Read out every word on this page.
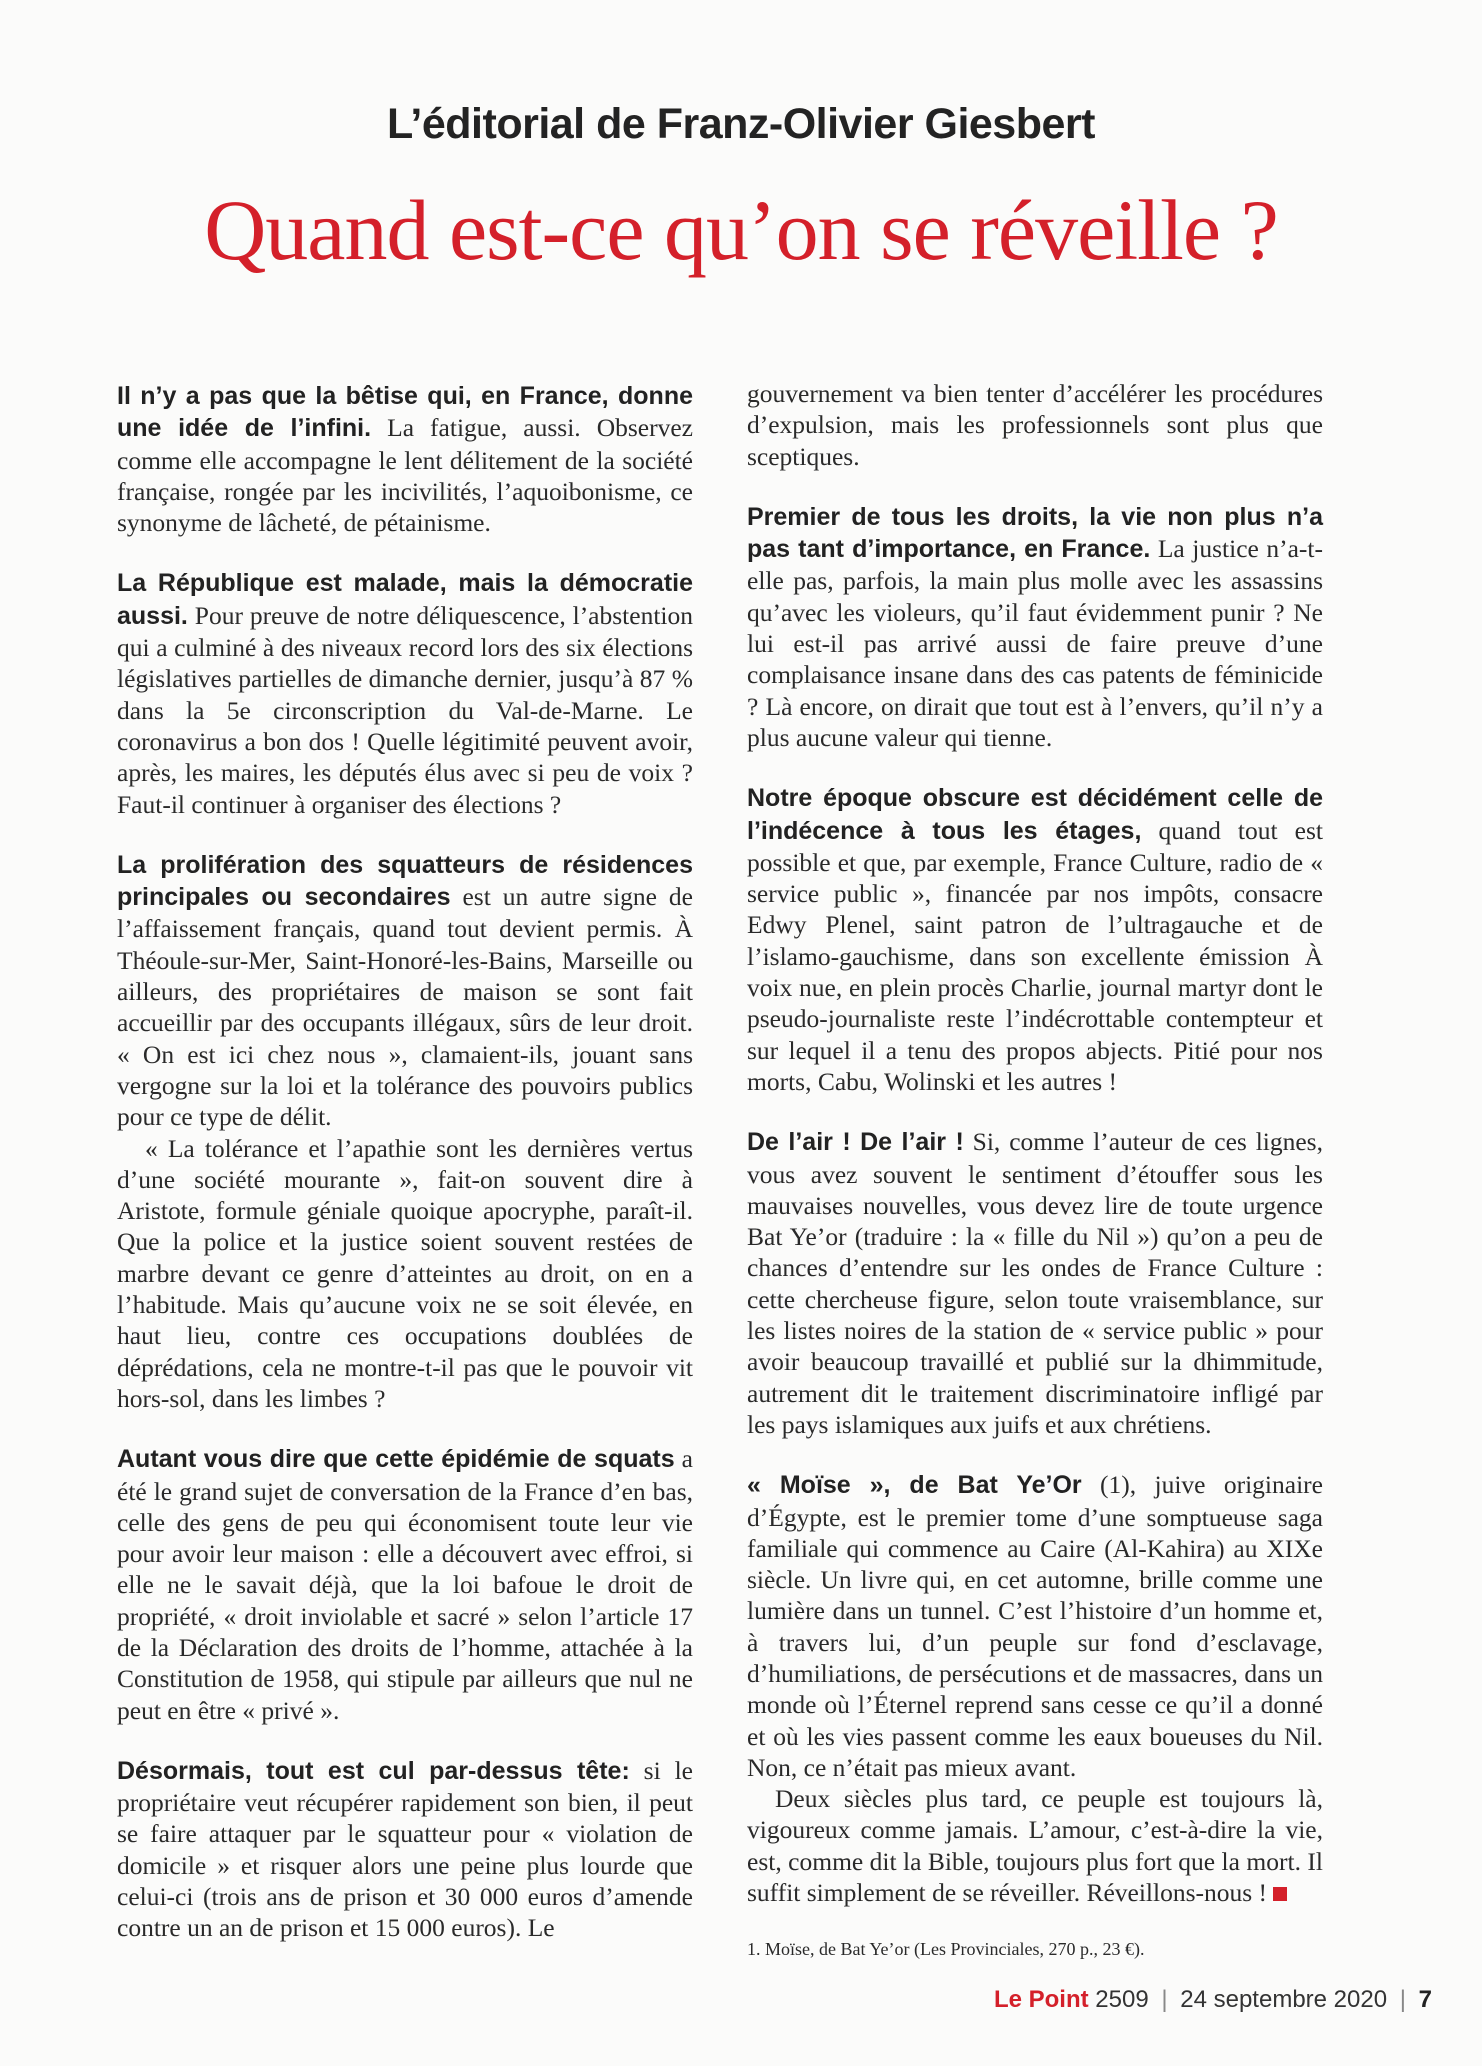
L’éditorial de Franz-Olivier Giesbert
Quand est-ce qu’on se réveille ?

Il n’y a pas que la bêtise qui, en France, donne une idée de l’infini. La fatigue, aussi. Observez comme elle accompagne le lent délitement de la société française, rongée par les incivilités, l’aquoibonisme, ce synonyme de lâcheté, de pétainisme.

La République est malade, mais la démocratie aussi. Pour preuve de notre déliquescence, l’abstention qui a culminé à des niveaux record lors des six élections législatives partielles de dimanche dernier, jusqu’à 87 % dans la 5e circonscription du Val-de-Marne. Le coronavirus a bon dos ! Quelle légitimité peuvent avoir, après, les maires, les députés élus avec si peu de voix ? Faut-il continuer à organiser des élections ?

La prolifération des squatteurs de résidences principales ou secondaires est un autre signe de l’affaissement français, quand tout devient permis. À Théoule-sur-Mer, Saint-Honoré-les-Bains, Marseille ou ailleurs, des propriétaires de maison se sont fait accueillir par des occupants illégaux, sûrs de leur droit. « On est ici chez nous », clamaient-ils, jouant sans vergogne sur la loi et la tolérance des pouvoirs publics pour ce type de délit.

« La tolérance et l’apathie sont les dernières vertus d’une société mourante », fait-on souvent dire à Aristote, formule géniale quoique apocryphe, paraît-il. Que la police et la justice soient souvent restées de marbre devant ce genre d’atteintes au droit, on en a l’habitude. Mais qu’aucune voix ne se soit élevée, en haut lieu, contre ces occupations doublées de déprédations, cela ne montre-t-il pas que le pouvoir vit hors-sol, dans les limbes ?

Autant vous dire que cette épidémie de squats a été le grand sujet de conversation de la France d’en bas, celle des gens de peu qui économisent toute leur vie pour avoir leur maison : elle a découvert avec effroi, si elle ne le savait déjà, que la loi bafoue le droit de propriété, « droit inviolable et sacré » selon l’article 17 de la Déclaration des droits de l’homme, attachée à la Constitution de 1958, qui stipule par ailleurs que nul ne peut en être « privé ».

Désormais, tout est cul par-dessus tête: si le propriétaire veut récupérer rapidement son bien, il peut se faire attaquer par le squatteur pour « violation de domicile » et risquer alors une peine plus lourde que celui-ci (trois ans de prison et 30 000 euros d’amende contre un an de prison et 15 000 euros). Le

gouvernement va bien tenter d’accélérer les procédures d’expulsion, mais les professionnels sont plus que sceptiques.

Premier de tous les droits, la vie non plus n’a pas tant d’importance, en France. La justice n’a-t-elle pas, parfois, la main plus molle avec les assassins qu’avec les violeurs, qu’il faut évidemment punir ? Ne lui est-il pas arrivé aussi de faire preuve d’une complaisance insane dans des cas patents de féminicide ? Là encore, on dirait que tout est à l’envers, qu’il n’y a plus aucune valeur qui tienne.

Notre époque obscure est décidément celle de l’indécence à tous les étages, quand tout est possible et que, par exemple, France Culture, radio de « service public », financée par nos impôts, consacre Edwy Plenel, saint patron de l’ultragauche et de l’islamo-gauchisme, dans son excellente émission À voix nue, en plein procès Charlie, journal martyr dont le pseudo-journaliste reste l’indécrottable contempteur et sur lequel il a tenu des propos abjects. Pitié pour nos morts, Cabu, Wolinski et les autres !

De l’air ! De l’air ! Si, comme l’auteur de ces lignes, vous avez souvent le sentiment d’étouffer sous les mauvaises nouvelles, vous devez lire de toute urgence Bat Ye’or (traduire : la « fille du Nil ») qu’on a peu de chances d’entendre sur les ondes de France Culture : cette chercheuse figure, selon toute vraisemblance, sur les listes noires de la station de « service public » pour avoir beaucoup travaillé et publié sur la dhimmitude, autrement dit le traitement discriminatoire infligé par les pays islamiques aux juifs et aux chrétiens.

« Moïse », de Bat Ye’Or (1), juive originaire d’Égypte, est le premier tome d’une somptueuse saga familiale qui commence au Caire (Al-Kahira) au XIXe siècle. Un livre qui, en cet automne, brille comme une lumière dans un tunnel. C’est l’histoire d’un homme et, à travers lui, d’un peuple sur fond d’esclavage, d’humiliations, de persécutions et de massacres, dans un monde où l’Éternel reprend sans cesse ce qu’il a donné et où les vies passent comme les eaux boueuses du Nil. Non, ce n’était pas mieux avant.

Deux siècles plus tard, ce peuple est toujours là, vigoureux comme jamais. L’amour, c’est-à-dire la vie, est, comme dit la Bible, toujours plus fort que la mort. Il suffit simplement de se réveiller. Réveillons-nous !

1. Moïse, de Bat Ye’or (Les Provinciales, 270 p., 23 €).
Le Point 2509 | 24 septembre 2020 | 7
